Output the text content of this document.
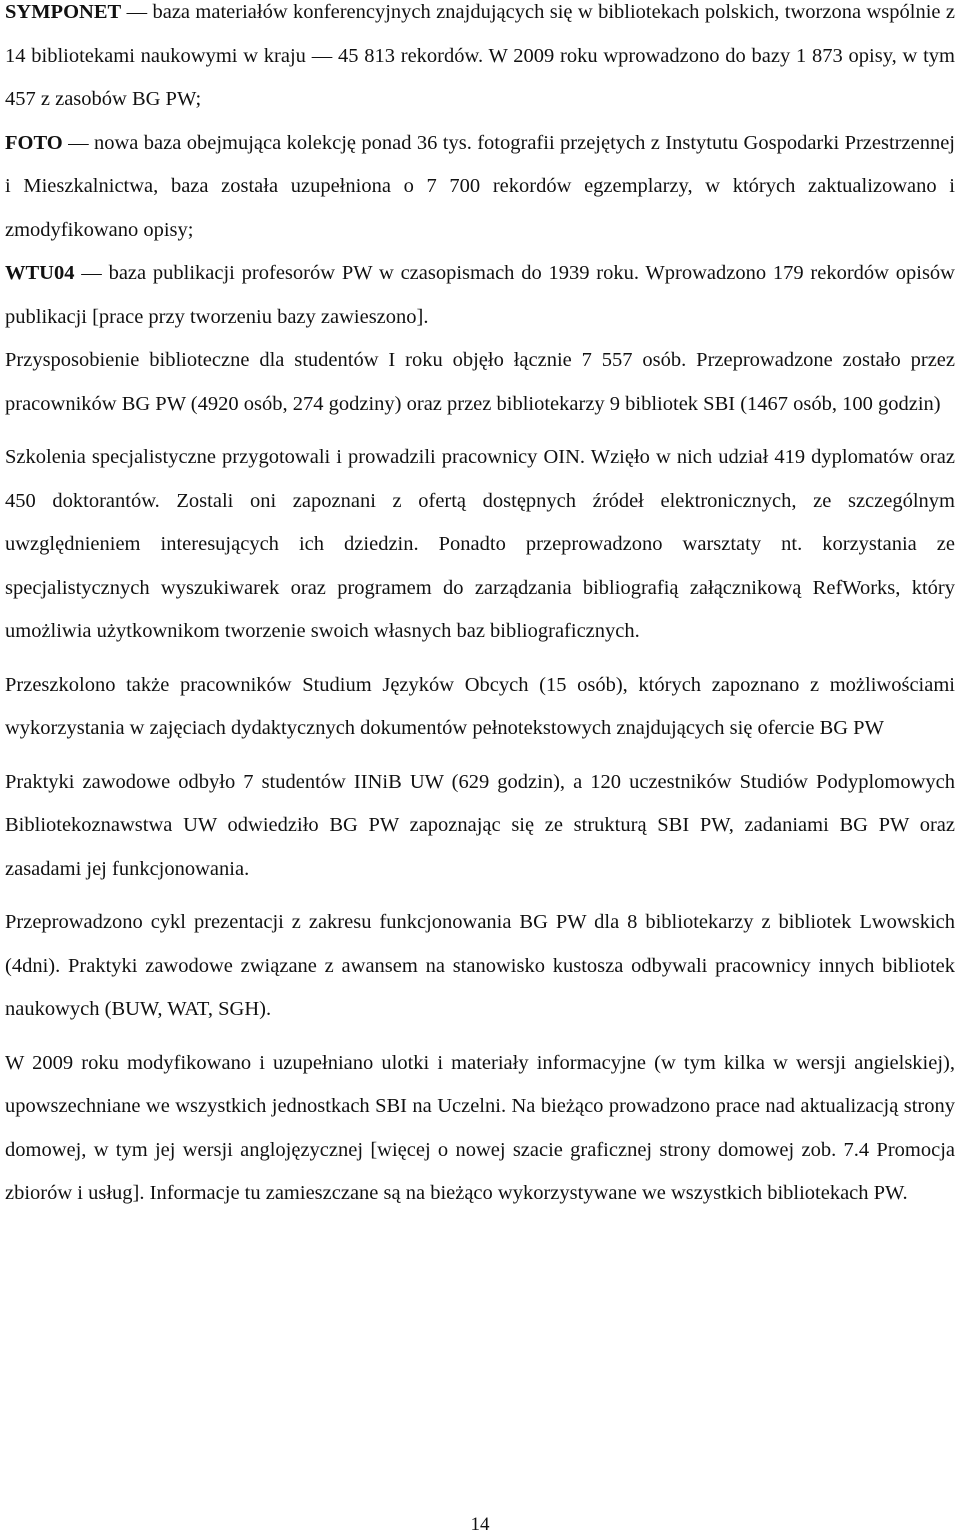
SYMPONET — baza materiałów konferencyjnych znajdujących się w bibliotekach polskich, tworzona wspólnie z 14 bibliotekami naukowymi w kraju — 45 813 rekordów. W 2009 roku wprowadzono do bazy 1 873 opisy, w tym 457 z zasobów BG PW;

FOTO — nowa baza obejmująca kolekcję ponad 36 tys. fotografii przejętych z Instytutu Gospodarki Przestrzennej i Mieszkalnictwa, baza została uzupełniona o 7 700 rekordów egzemplarzy, w których zaktualizowano i zmodyfikowano opisy;

WTU04 — baza publikacji profesorów PW w czasopismach do 1939 roku. Wprowadzono 179 rekordów opisów publikacji [prace przy tworzeniu bazy zawieszono].

Przysposobienie biblioteczne dla studentów I roku objęło łącznie 7 557 osób. Przeprowadzone zostało przez pracowników BG PW (4920 osób, 274 godziny) oraz przez bibliotekarzy 9 bibliotek SBI (1467 osób, 100 godzin)

Szkolenia specjalistyczne przygotowali i prowadzili pracownicy OIN. Wzięło w nich udział 419 dyplomatów oraz 450 doktorantów. Zostali oni zapoznani z ofertą dostępnych źródeł elektronicznych, ze szczególnym uwzględnieniem interesujących ich dziedzin. Ponadto przeprowadzono warsztaty nt. korzystania ze specjalistycznych wyszukiwarek oraz programem do zarządzania bibliografią załącznikową RefWorks, który umożliwia użytkownikom tworzenie swoich własnych baz bibliograficznych.

Przeszkolono także pracowników Studium Języków Obcych (15 osób), których zapoznano z możliwościami wykorzystania w zajęciach dydaktycznych dokumentów pełnotekstowych znajdujących się ofercie BG PW

Praktyki zawodowe odbyło 7 studentów IINiB UW (629 godzin), a 120 uczestników Studiów Podyplomowych Bibliotekoznawstwa UW odwiedziło BG PW zapoznając się ze strukturą SBI PW, zadaniami BG PW oraz zasadami jej funkcjonowania.

Przeprowadzono cykl prezentacji z zakresu funkcjonowania BG PW dla 8 bibliotekarzy z bibliotek Lwowskich (4dni). Praktyki zawodowe związane z awansem na stanowisko kustosza odbywali pracownicy innych bibliotek naukowych (BUW, WAT, SGH).

W 2009 roku modyfikowano i uzupełniano ulotki i materiały informacyjne (w tym kilka w wersji angielskiej), upowszechniane we wszystkich jednostkach SBI na Uczelni. Na bieżąco prowadzono prace nad aktualizacją strony domowej, w tym jej wersji anglojęzycznej [więcej o nowej szacie graficznej strony domowej zob. 7.4 Promocja zbiorów i usług]. Informacje tu zamieszczane są na bieżąco wykorzystywane we wszystkich bibliotekach PW.

14
